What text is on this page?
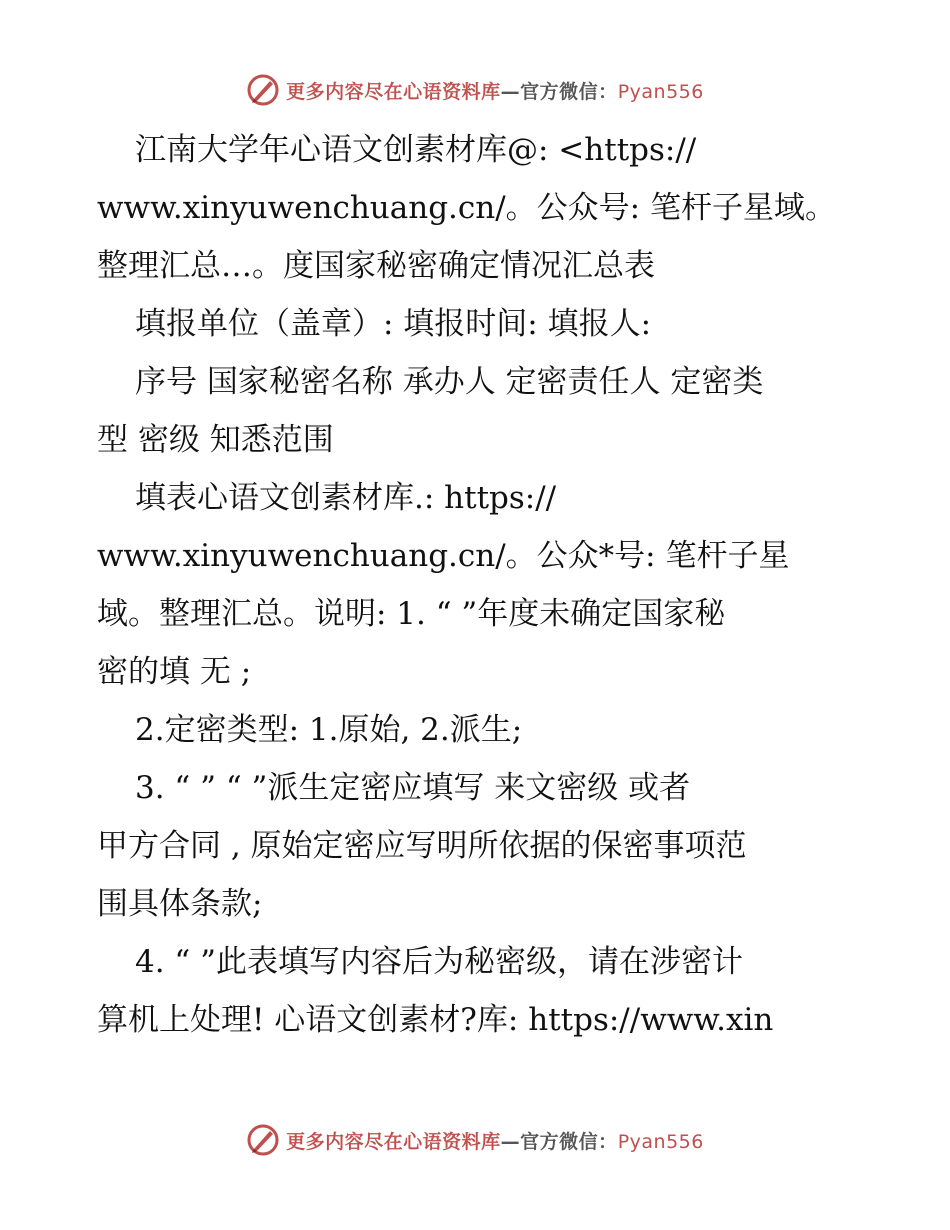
更多内容尽在心语资料库—官方微信：Pyan556
江南大学年心语文创素材库@: <https://
www.xinyuwenchuang.cn/。公众号: 笔杆子星域。
整理汇总…。度国家秘密确定情况汇总表
填报单位（盖章）: 填报时间: 填报人:
序号 国家秘密名称 承办人 定密责任人 定密类
型 密级 知悉范围
填表心语文创素材库.: https://
www.xinyuwenchuang.cn/。公众*号: 笔杆子星
域。整理汇总。说明: 1. “ ”年度未确定国家秘
密的填 无 ;
2.定密类型: 1.原始, 2.派生;
3. “ ” “ ”派生定密应填写 来文密级 或者
甲方合同 , 原始定密应写明所依据的保密事项范
围具体条款;
4. “ ”此表填写内容后为秘密级，请在涉密计
算机上处理! 心语文创素材?库: https://www.xin
更多内容尽在心语资料库—官方微信：Pyan556
